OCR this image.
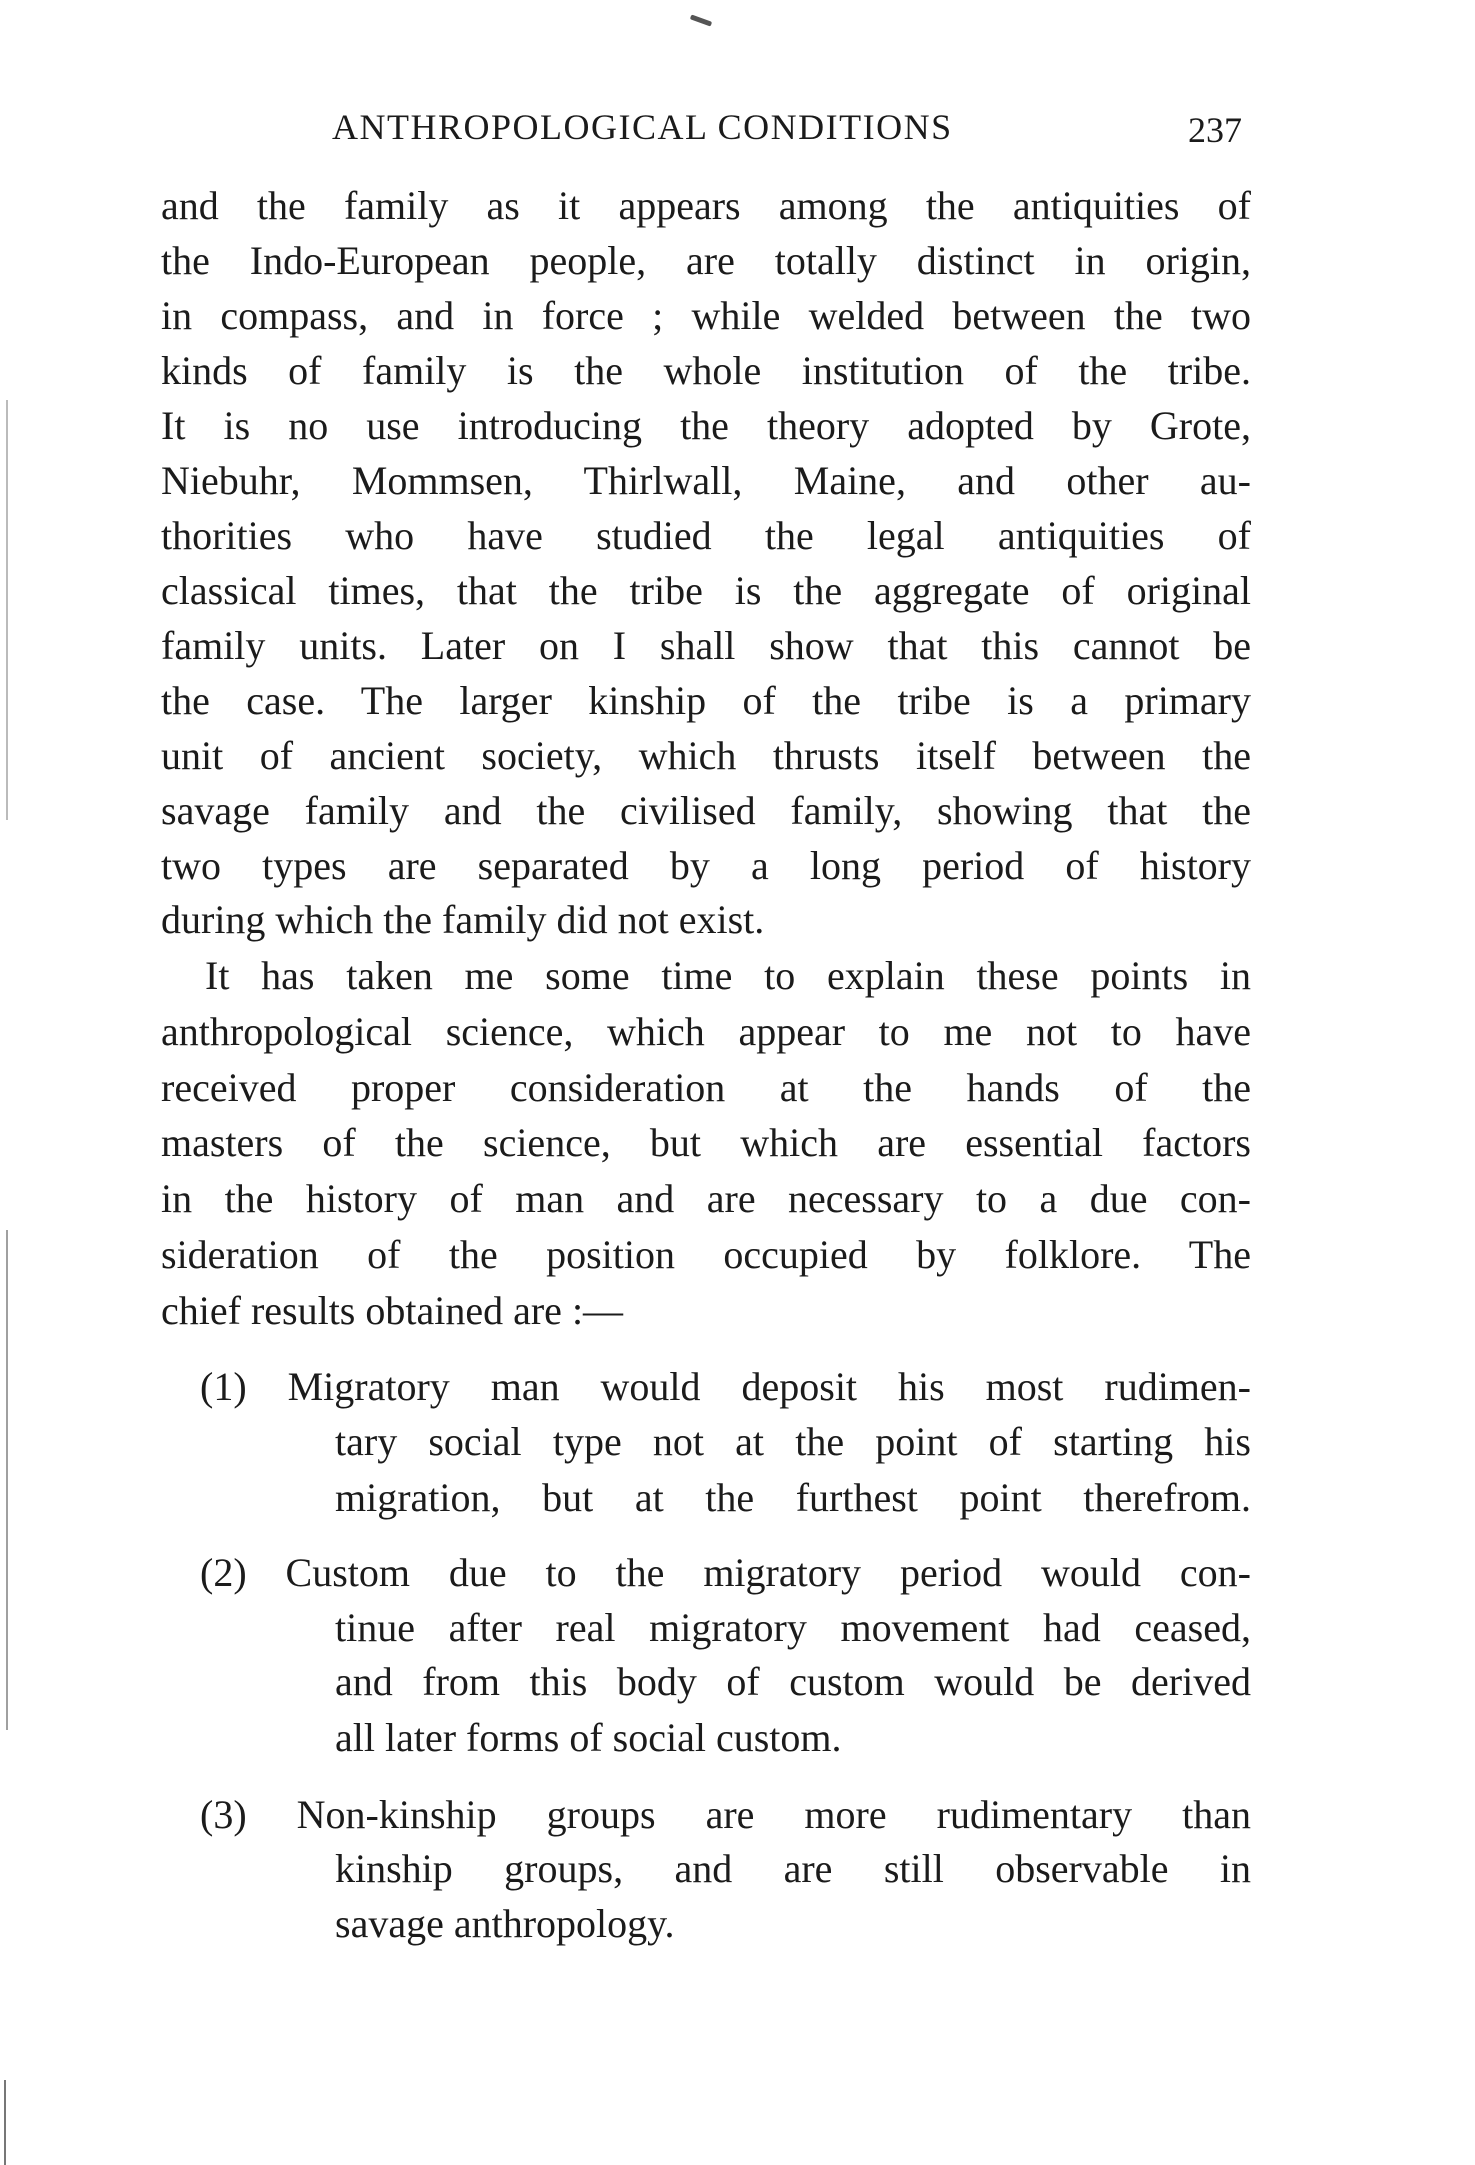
ANTHROPOLOGICAL CONDITIONS	237
and the family as it appears among the antiquities of
the Indo-European people, are totally distinct in origin,
in compass, and in force ; while welded between the two
kinds of family is the whole institution of the tribe.
It is no use introducing the theory adopted by Grote,
Niebuhr, Mommsen, Thirlwall, Maine, and other au-
thorities who have studied the legal antiquities of
classical times, that the tribe is the aggregate of original
family units. Later on I shall show that this cannot be
the case. The larger kinship of the tribe is a primary
unit of ancient society, which thrusts itself between the
savage family and the civilised family, showing that the
two types are separated by a long period of history
during which the family did not exist.
It has taken me some time to explain these points in
anthropological science, which appear to me not to have
received proper consideration at the hands of the
masters of the science, but which are essential factors
in the history of man and are necessary to a due con-
sideration of the position occupied by folklore. The
chief results obtained are :—
(1) Migratory man would deposit his most rudimen-
tary social type not at the point of starting his
migration, but at the furthest point therefrom.
(2) Custom due to the migratory period would con-
tinue after real migratory movement had ceased,
and from this body of custom would be derived
all later forms of social custom.
(3) Non-kinship groups are more rudimentary than
kinship groups, and are still observable in
savage anthropology.
